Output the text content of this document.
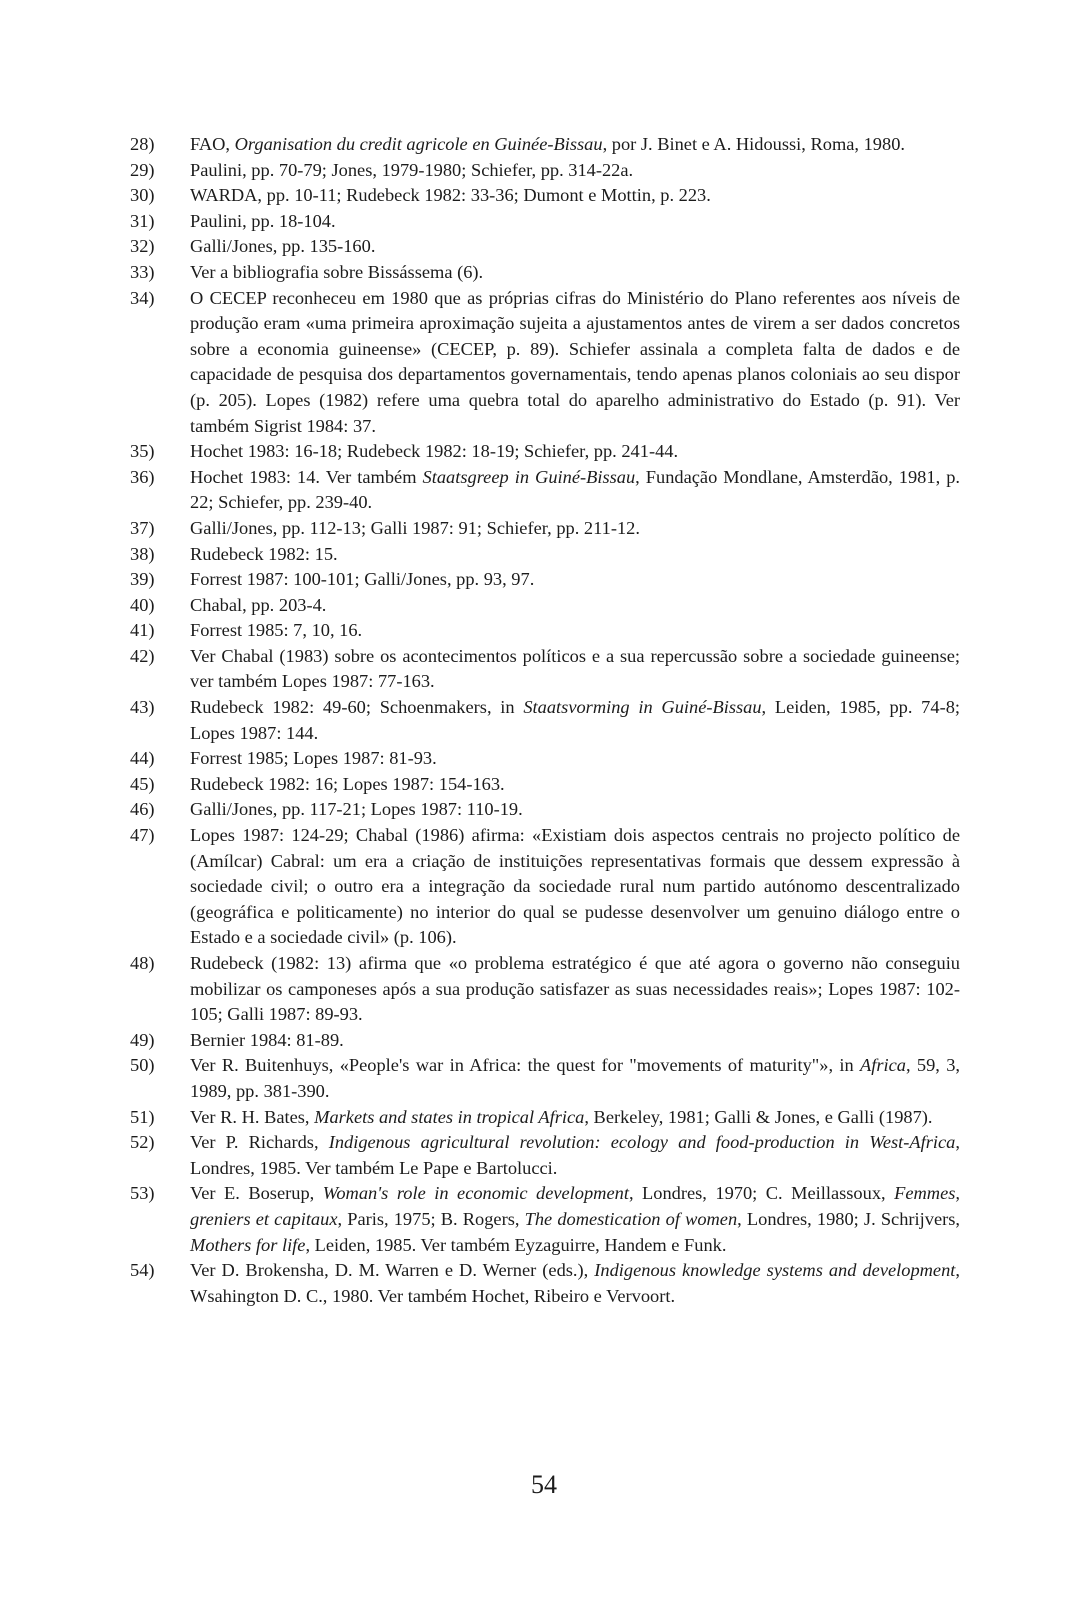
28)	FAO, Organisation du credit agricole en Guinée-Bissau, por J. Binet e A. Hidoussi, Roma, 1980.
29)	Paulini, pp. 70-79; Jones, 1979-1980; Schiefer, pp. 314-22a.
30)	WARDA, pp. 10-11; Rudebeck 1982: 33-36; Dumont e Mottin, p. 223.
31)	Paulini, pp. 18-104.
32)	Galli/Jones, pp. 135-160.
33)	Ver a bibliografia sobre Bissássema (6).
34)	O CECEP reconheceu em 1980 que as próprias cifras do Ministério do Plano referentes aos níveis de produção eram «uma primeira aproximação sujeita a ajustamentos antes de virem a ser dados concretos sobre a economia guineense» (CECEP, p. 89). Schiefer assinala a completa falta de dados e de capacidade de pesquisa dos departamentos governamentais, tendo apenas planos coloniais ao seu dispor (p. 205). Lopes (1982) refere uma quebra total do aparelho administrativo do Estado (p. 91). Ver também Sigrist 1984: 37.
35)	Hochet 1983: 16-18; Rudebeck 1982: 18-19; Schiefer, pp. 241-44.
36)	Hochet 1983: 14. Ver também Staatsgreep in Guiné-Bissau, Fundação Mondlane, Amsterdão, 1981, p. 22; Schiefer, pp. 239-40.
37)	Galli/Jones, pp. 112-13; Galli 1987: 91; Schiefer, pp. 211-12.
38)	Rudebeck 1982: 15.
39)	Forrest 1987: 100-101; Galli/Jones, pp. 93, 97.
40)	Chabal, pp. 203-4.
41)	Forrest 1985: 7, 10, 16.
42)	Ver Chabal (1983) sobre os acontecimentos políticos e a sua repercussão sobre a sociedade guineense; ver também Lopes 1987: 77-163.
43)	Rudebeck 1982: 49-60; Schoenmakers, in Staatsvorming in Guiné-Bissau, Leiden, 1985, pp. 74-8; Lopes 1987: 144.
44)	Forrest 1985; Lopes 1987: 81-93.
45)	Rudebeck 1982: 16; Lopes 1987: 154-163.
46)	Galli/Jones, pp. 117-21; Lopes 1987: 110-19.
47)	Lopes 1987: 124-29; Chabal (1986) afirma: «Existiam dois aspectos centrais no projecto político de (Amílcar) Cabral: um era a criação de instituições representativas formais que dessem expressão à sociedade civil; o outro era a integração da sociedade rural num partido autónomo descentralizado (geográfica e politicamente) no interior do qual se pudesse desenvolver um genuino diálogo entre o Estado e a sociedade civil» (p. 106).
48)	Rudebeck (1982: 13) afirma que «o problema estratégico é que até agora o governo não conseguiu mobilizar os camponeses após a sua produção satisfazer as suas necessidades reais»; Lopes 1987: 102-105; Galli 1987: 89-93.
49)	Bernier 1984: 81-89.
50)	Ver R. Buitenhuys, «People's war in Africa: the quest for "movements of maturity"», in Africa, 59, 3, 1989, pp. 381-390.
51)	Ver R. H. Bates, Markets and states in tropical Africa, Berkeley, 1981; Galli & Jones, e Galli (1987).
52)	Ver P. Richards, Indigenous agricultural revolution: ecology and food-production in West-Africa, Londres, 1985. Ver também Le Pape e Bartolucci.
53)	Ver E. Boserup, Woman's role in economic development, Londres, 1970; C. Meillassoux, Femmes, greniers et capitaux, Paris, 1975; B. Rogers, The domestication of women, Londres, 1980; J. Schrijvers, Mothers for life, Leiden, 1985. Ver também Eyzaguirre, Handem e Funk.
54)	Ver D. Brokensha, D. M. Warren e D. Werner (eds.), Indigenous knowledge systems and development, Wsahington D. C., 1980. Ver também Hochet, Ribeiro e Vervoort.
54
